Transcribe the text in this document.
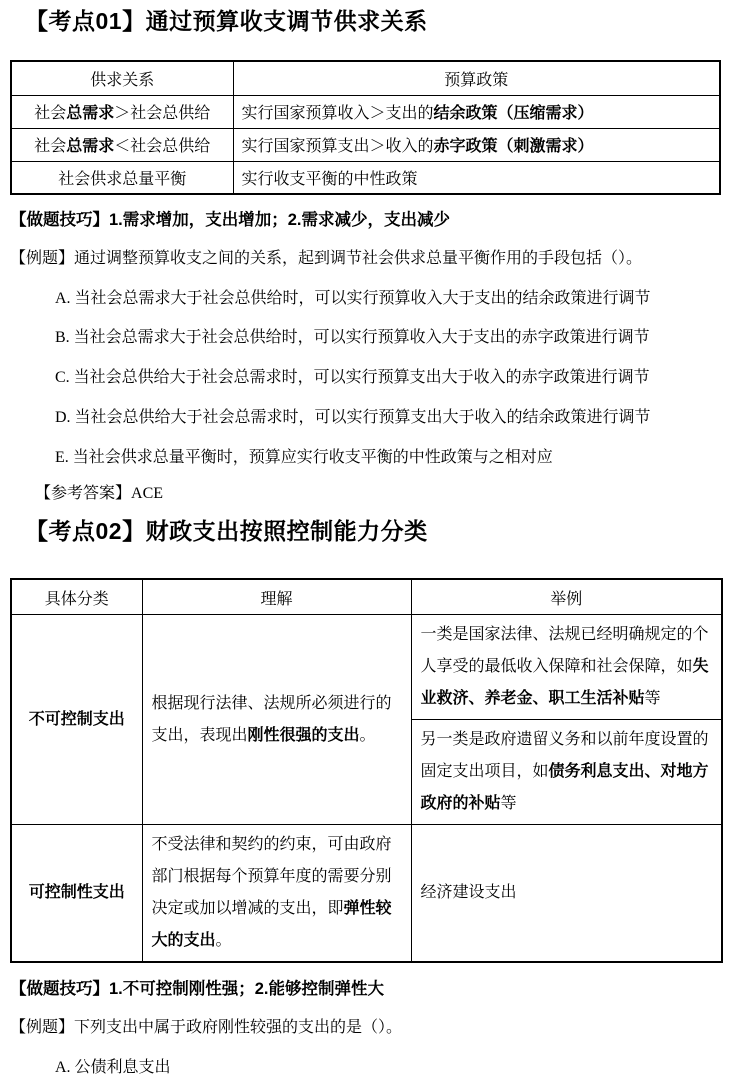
【考点01】通过预算收支调节供求关系
供求关系	预算政策
社会总需求＞社会总供给	实行国家预算收入＞支出的结余政策（压缩需求）
社会总需求＜社会总供给	实行国家预算支出＞收入的赤字政策（刺激需求）
社会供求总量平衡	实行收支平衡的中性政策

【做题技巧】1.需求增加，支出增加；2.需求减少，支出减少

【例题】通过调整预算收支之间的关系，起到调节社会供求总量平衡作用的手段包括（）。

A. 当社会总需求大于社会总供给时，可以实行预算收入大于支出的结余政策进行调节

B. 当社会总需求大于社会总供给时，可以实行预算收入大于支出的赤字政策进行调节

C. 当社会总供给大于社会总需求时，可以实行预算支出大于收入的赤字政策进行调节

D. 当社会总供给大于社会总需求时，可以实行预算支出大于收入的结余政策进行调节

E. 当社会供求总量平衡时，预算应实行收支平衡的中性政策与之相对应

【参考答案】ACE

【考点02】财政支出按照控制能力分类
具体分类	理解	举例
不可控制支出	根据现行法律、法规所必须进行的支出，表现出刚性很强的支出。	一类是国家法律、法规已经明确规定的个人享受的最低收入保障和社会保障，如失业救济、养老金、职工生活补贴等
		另一类是政府遗留义务和以前年度设置的固定支出项目，如债务利息支出、对地方政府的补贴等
可控制性支出	不受法律和契约的约束，可由政府部门根据每个预算年度的需要分别决定或加以增减的支出，即弹性较大的支出。	经济建设支出

【做题技巧】1.不可控制刚性强；2.能够控制弹性大

【例题】下列支出中属于政府刚性较强的支出的是（）。

A. 公债利息支出
